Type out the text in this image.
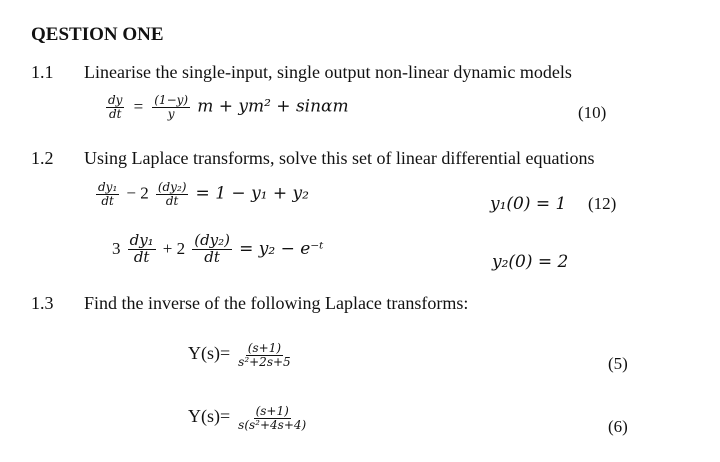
QESTION ONE
1.1 Linearise the single-input, single output non-linear dynamic models
$\frac{dy}{dt} = \frac{(1-y)}{y}$ m + ym² + sinαm	(10)
1.2 Using Laplace transforms, solve this set of linear differential equations
$\frac{\text{dy₁}}{dt} - 2 \frac{\text{(dy₂)}}{dt} = 1 - y_1 + y_2$
y₁(0) = 1 (12)
$3 \frac{\text{dy₁}}{dt} + 2 \frac{\text{(dy₂)}}{dt} = y_2$ − e⁻ᵗ
y₂(0) = 2
1.3 Find the inverse of the following Laplace transforms:
$Y(s)= \frac{(s+1)}{\text{s²+2s+5}}$	(5)
$Y(s)= \frac{(s+1)}{\text{s(s²+4s+4)}}$	(6)
